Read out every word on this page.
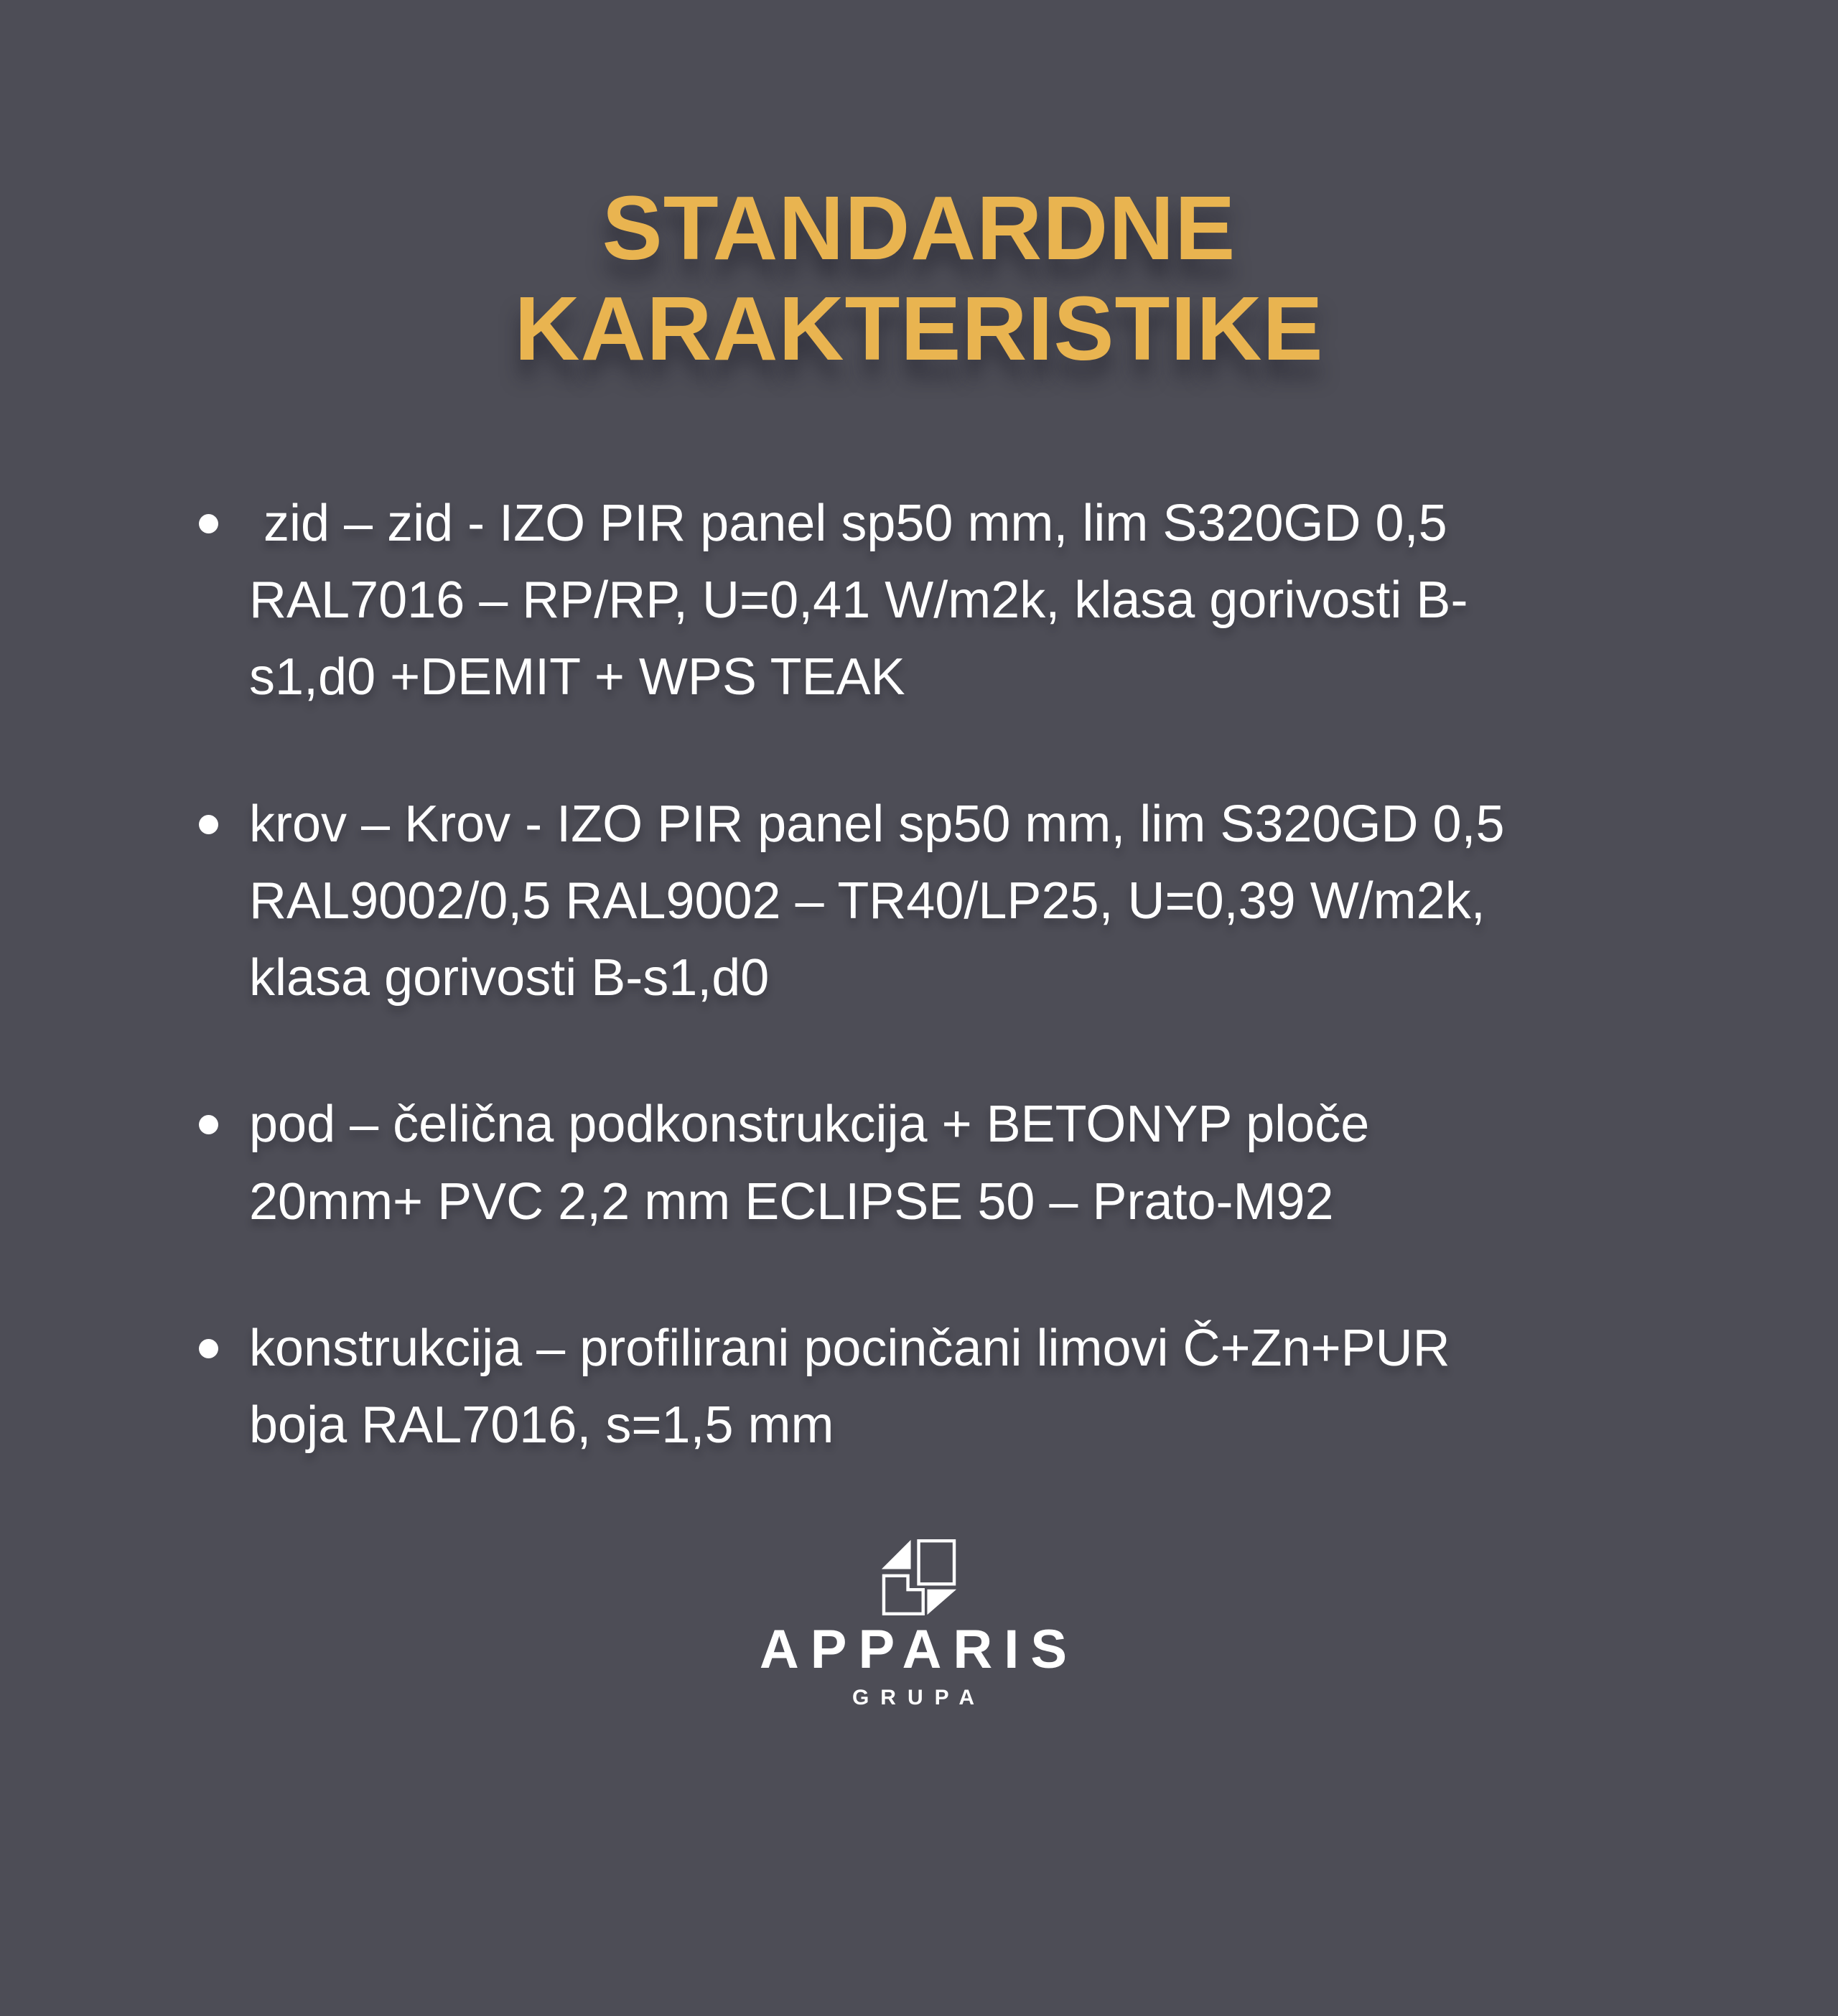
STANDARDNE KARAKTERISTIKE
zid – zid - IZO PIR panel sp50 mm, lim S320GD 0,5 RAL7016 – RP/RP, U=0,41 W/m2k, klasa gorivosti B-s1,d0 +DEMIT + WPS TEAK
krov – Krov - IZO PIR panel sp50 mm, lim S320GD 0,5 RAL9002/0,5 RAL9002 – TR40/LP25, U=0,39 W/m2k, klasa gorivosti B-s1,d0
pod – čelična podkonstrukcija + BETONYP ploče 20mm+ PVC 2,2 mm ECLIPSE 50 – Prato-M92
konstrukcija – profilirani pocinčani limovi Č+Zn+PUR boja RAL7016, s=1,5 mm
APPARIS
GRUPA
